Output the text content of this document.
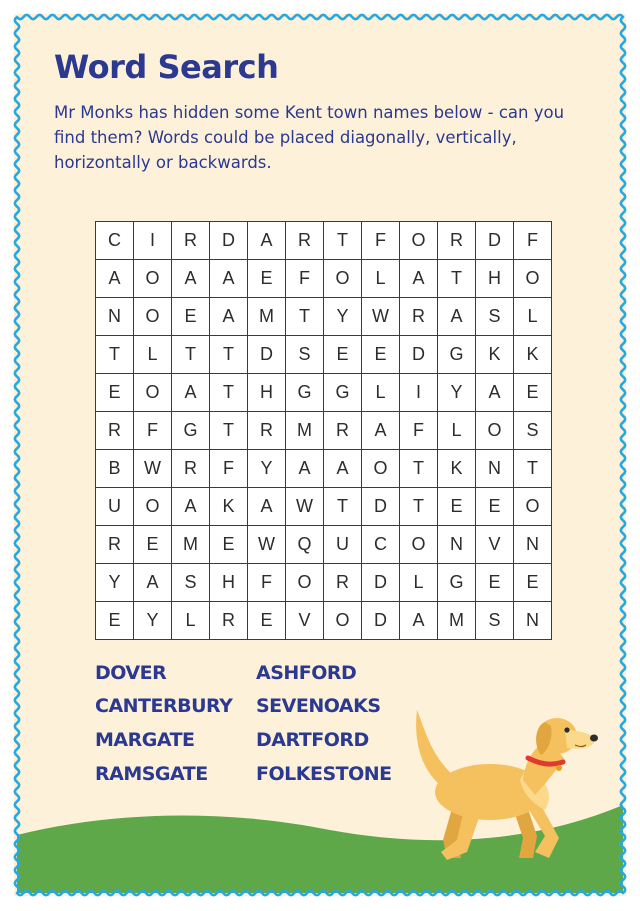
Word Search

Mr Monks has hidden some Kent town names below - can you find them? Words could be placed diagonally, vertically, horizontally or backwards.

C	I	R	D	A	R	T	F	O	R	D	F
A	O	A	A	E	F	O	L	A	T	H	O
N	O	E	A	M	T	Y	W	R	A	S	L
T	L	T	T	D	S	E	E	D	G	K	K
E	O	A	T	H	G	G	L	I	Y	A	E
R	F	G	T	R	M	R	A	F	L	O	S
B	W	R	F	Y	A	A	O	T	K	N	T
U	O	A	K	A	W	T	D	T	E	E	O
R	E	M	E	W	Q	U	C	O	N	V	N
Y	A	S	H	F	O	R	D	L	G	E	E
E	Y	L	R	E	V	O	D	A	M	S	N
DOVER
CANTERBURY
MARGATE
RAMSGATE
ASHFORD
SEVENOAKS
DARTFORD
FOLKESTONE
